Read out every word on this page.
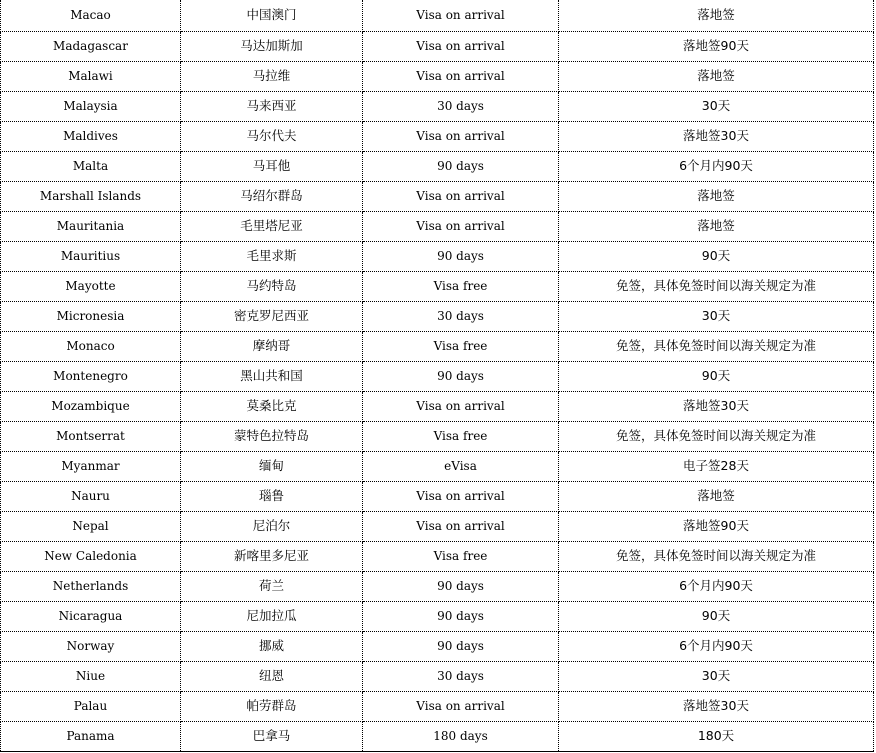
Macao	中国澳门	Visa on arrival	落地签
Madagascar	马达加斯加	Visa on arrival	落地签90天
Malawi	马拉维	Visa on arrival	落地签
Malaysia	马来西亚	30 days	30天
Maldives	马尔代夫	Visa on arrival	落地签30天
Malta	马耳他	90 days	6个月内90天
Marshall Islands	马绍尔群岛	Visa on arrival	落地签
Mauritania	毛里塔尼亚	Visa on arrival	落地签
Mauritius	毛里求斯	90 days	90天
Mayotte	马约特岛	Visa free	免签，具体免签时间以海关规定为准
Micronesia	密克罗尼西亚	30 days	30天
Monaco	摩纳哥	Visa free	免签，具体免签时间以海关规定为准
Montenegro	黑山共和国	90 days	90天
Mozambique	莫桑比克	Visa on arrival	落地签30天
Montserrat	蒙特色拉特岛	Visa free	免签，具体免签时间以海关规定为准
Myanmar	缅甸	eVisa	电子签28天
Nauru	瑙鲁	Visa on arrival	落地签
Nepal	尼泊尔	Visa on arrival	落地签90天
New Caledonia	新喀里多尼亚	Visa free	免签，具体免签时间以海关规定为准
Netherlands	荷兰	90 days	6个月内90天
Nicaragua	尼加拉瓜	90 days	90天
Norway	挪威	90 days	6个月内90天
Niue	纽恩	30 days	30天
Palau	帕劳群岛	Visa on arrival	落地签30天
Panama	巴拿马	180 days	180天
